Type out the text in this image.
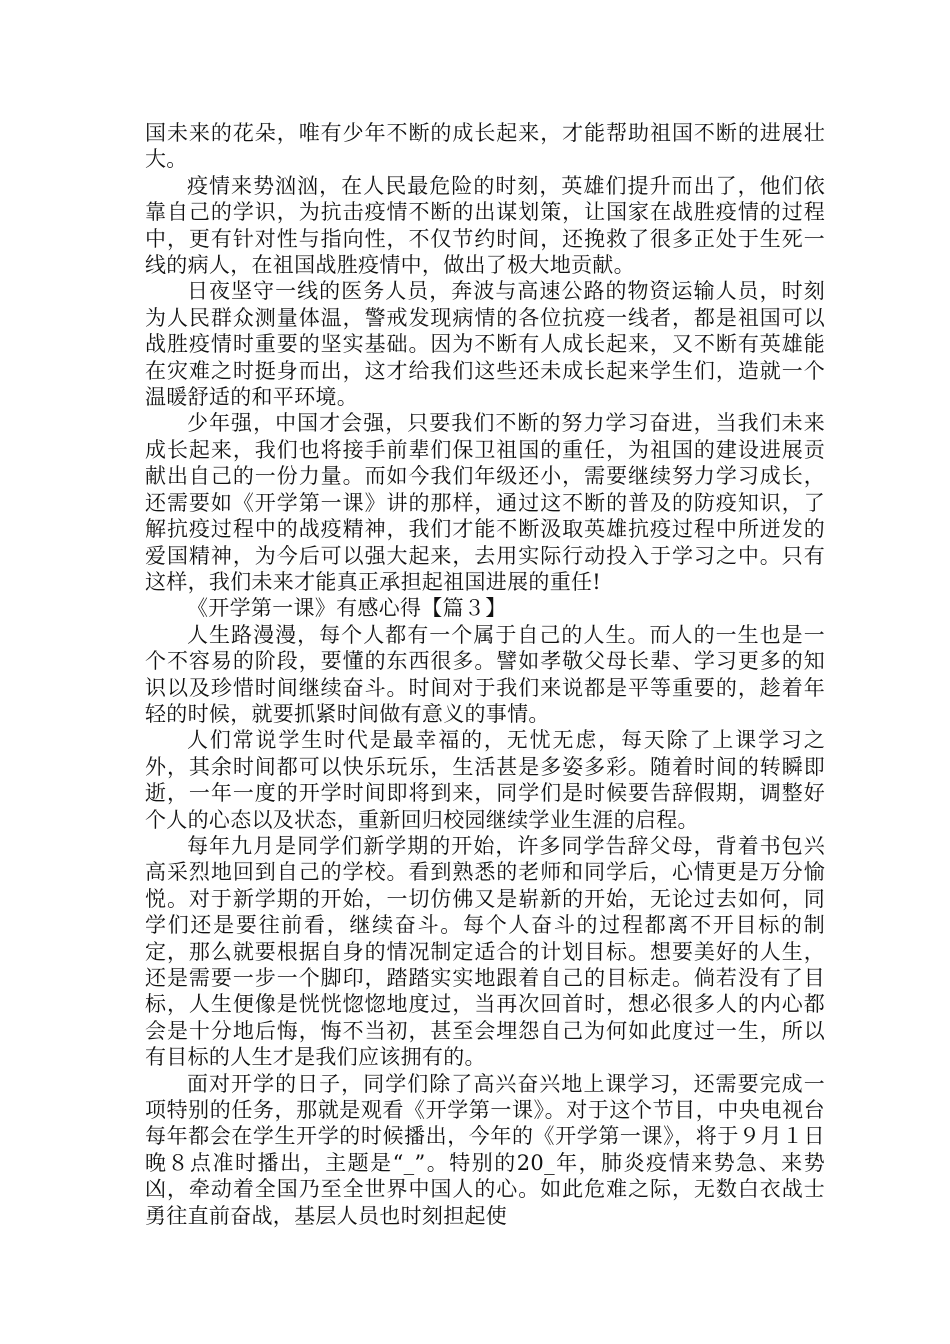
国未来的花朵，唯有少年不断的成长起来，才能帮助祖国不断的进展壮大。

疫情来势汹汹，在人民最危险的时刻，英雄们提升而出了，他们依靠自己的学识，为抗击疫情不断的出谋划策，让国家在战胜疫情的过程中，更有针对性与指向性，不仅节约时间，还挽救了很多正处于生死一线的病人，在祖国战胜疫情中，做出了极大地贡献。

日夜坚守一线的医务人员，奔波与高速公路的物资运输人员，时刻为人民群众测量体温，警戒发现病情的各位抗疫一线者，都是祖国可以战胜疫情时重要的坚实基础。因为不断有人成长起来，又不断有英雄能在灾难之时挺身而出，这才给我们这些还未成长起来学生们，造就一个温暖舒适的和平环境。

少年强，中国才会强，只要我们不断的努力学习奋进，当我们未来成长起来，我们也将接手前辈们保卫祖国的重任，为祖国的建设进展贡献出自己的一份力量。而如今我们年级还小，需要继续努力学习成长，还需要如《开学第一课》讲的那样，通过这不断的普及的防疫知识，了解抗疫过程中的战疫精神，我们才能不断汲取英雄抗疫过程中所迸发的爱国精神，为今后可以强大起来，去用实际行动投入于学习之中。只有这样，我们未来才能真正承担起祖国进展的重任!

《开学第一课》有感心得【篇３】

人生路漫漫，每个人都有一个属于自己的人生。而人的一生也是一个不容易的阶段，要懂的东西很多。譬如孝敬父母长辈、学习更多的知识以及珍惜时间继续奋斗。时间对于我们来说都是平等重要的，趁着年轻的时候，就要抓紧时间做有意义的事情。

人们常说学生时代是最幸福的，无忧无虑，每天除了上课学习之外，其余时间都可以快乐玩乐，生活甚是多姿多彩。随着时间的转瞬即逝，一年一度的开学时间即将到来，同学们是时候要告辞假期，调整好个人的心态以及状态，重新回归校园继续学业生涯的启程。

每年九月是同学们新学期的开始，许多同学告辞父母，背着书包兴高采烈地回到自己的学校。看到熟悉的老师和同学后，心情更是万分愉悦。对于新学期的开始，一切仿佛又是崭新的开始，无论过去如何，同学们还是要往前看，继续奋斗。每个人奋斗的过程都离不开目标的制定，那么就要根据自身的情况制定适合的计划目标。想要美好的人生，还是需要一步一个脚印，踏踏实实地跟着自己的目标走。倘若没有了目标，人生便像是恍恍惚惚地度过，当再次回首时，想必很多人的内心都会是十分地后悔，悔不当初，甚至会埋怨自己为何如此度过一生，所以有目标的人生才是我们应该拥有的。

面对开学的日子，同学们除了高兴奋兴地上课学习，还需要完成一项特别的任务，那就是观看《开学第一课》。对于这个节目，中央电视台每年都会在学生开学的时候播出，今年的《开学第一课》，将于９月１日晚８点准时播出，主题是“_”。特别的20_年，肺炎疫情来势急、来势凶，牵动着全国乃至全世界中国人的心。如此危难之际，无数白衣战士勇往直前奋战，基层人员也时刻担起使
